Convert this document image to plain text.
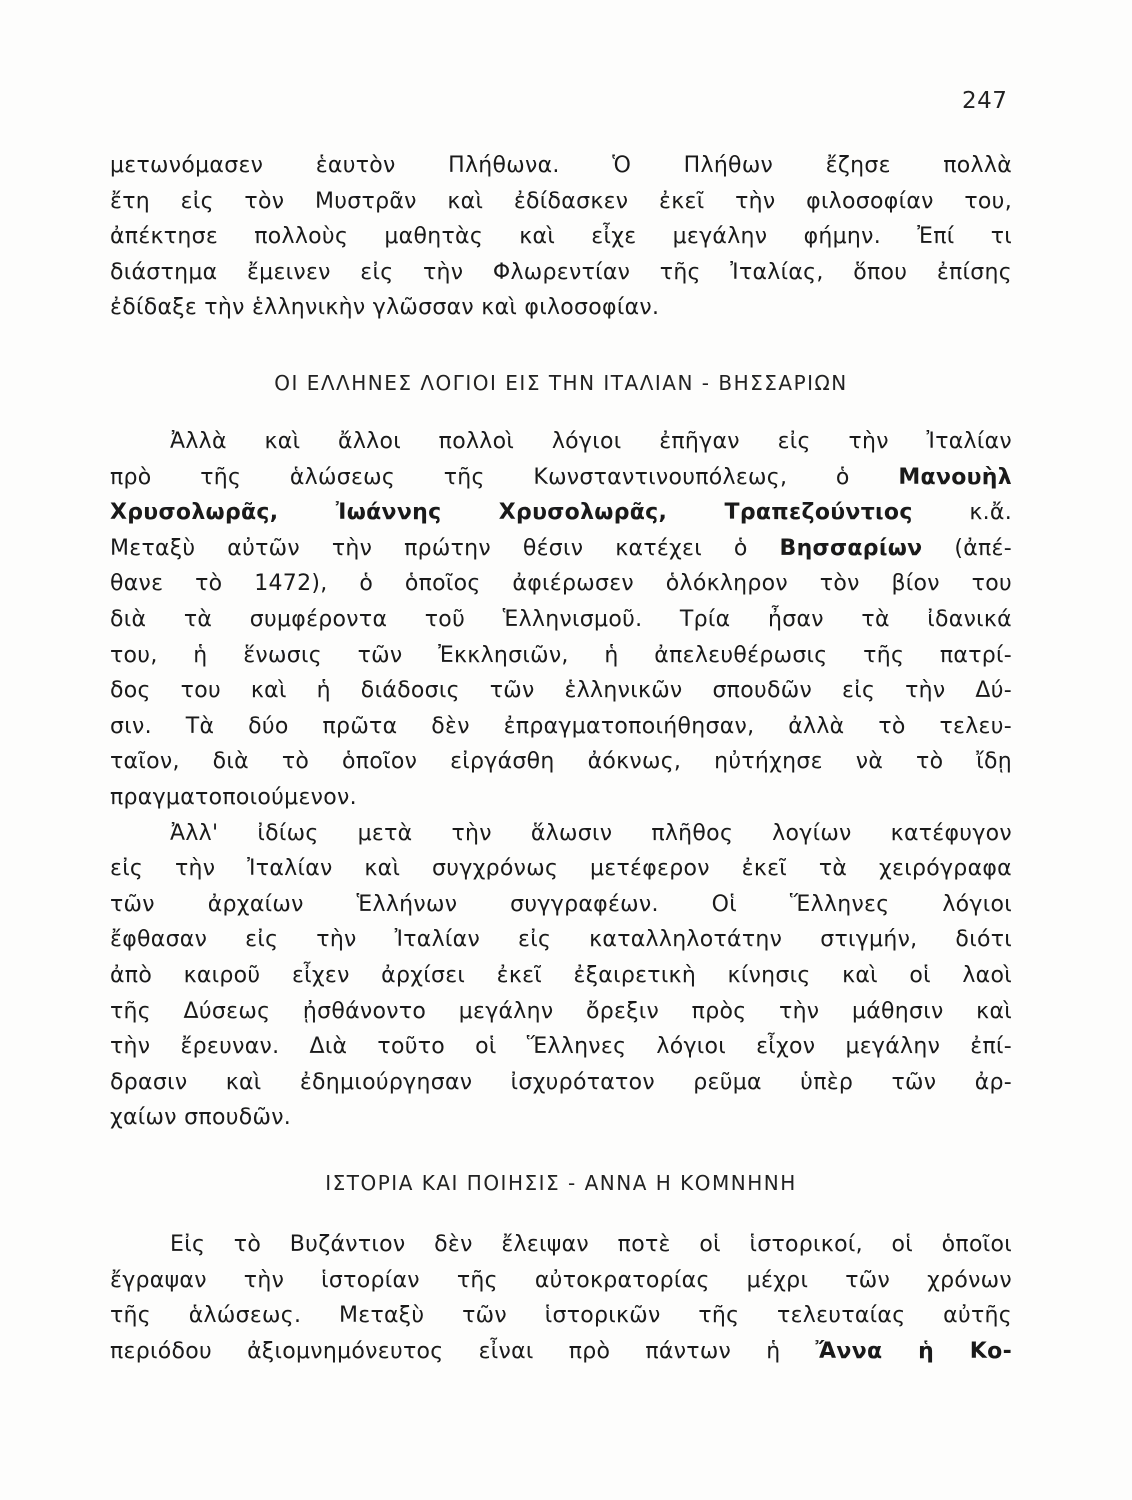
247
μετωνόμασεν ἑαυτὸν Πλήθωνα. Ὁ Πλήθων ἔζησε πολλὰ
ἔτη εἰς τὸν Μυστρᾶν καὶ ἐδίδασκεν ἐκεῖ τὴν φιλοσοφίαν του,
ἀπέκτησε πολλοὺς μαθητὰς καὶ εἶχε μεγάλην φήμην. Ἐπί τι
διάστημα ἔμεινεν εἰς τὴν Φλωρεντίαν τῆς Ἰταλίας, ὅπου ἐπίσης
ἐδίδαξε τὴν ἑλληνικὴν γλῶσσαν καὶ φιλοσοφίαν.
ΟΙ ΕΛΛΗΝΕΣ ΛΟΓΙΟΙ ΕΙΣ ΤΗΝ ΙΤΑΛΙΑΝ - ΒΗΣΣΑΡΙΩΝ
Ἀλλὰ καὶ ἄλλοι πολλοὶ λόγιοι ἐπῆγαν εἰς τὴν Ἰταλίαν
πρὸ τῆς ἁλώσεως τῆς Κωνσταντινουπόλεως, ὁ Μανουὴλ
Χρυσολωρᾶς, Ἰωάννης Χρυσολωρᾶς, Τραπεζούντιος	κ.ἄ.
Μεταξὺ αὐτῶν τὴν πρώτην θέσιν κατέχει ὁ Βησσαρίων (ἀπέ-
θανε τὸ 1472), ὁ ὁποῖος ἀφιέρωσεν ὁλόκληρον τὸν βίον του
διὰ τὰ συμφέροντα τοῦ Ἑλληνισμοῦ. Τρία ἦσαν τὰ ἰδανικά
του, ἡ ἕνωσις τῶν Ἐκκλησιῶν, ἡ ἀπελευθέρωσις τῆς πατρί-
δος του καὶ ἡ διάδοσις τῶν ἑλληνικῶν σπουδῶν εἰς τὴν Δύ-
σιν. Τὰ δύο πρῶτα δὲν ἐπραγματοποιήθησαν, ἀλλὰ τὸ τελευ-
ταῖον, διὰ τὸ ὁποῖον εἰργάσθη ἀόκνως, ηὐτήχησε νὰ τὸ ἴδῃ
πραγματοποιούμενον.
Ἀλλ' ἰδίως μετὰ τὴν ἅλωσιν πλῆθος λογίων κατέφυγον
εἰς τὴν Ἰταλίαν καὶ συγχρόνως μετέφερον ἐκεῖ τὰ χειρόγραφα
τῶν ἀρχαίων Ἑλλήνων συγγραφέων. Οἱ Ἕλληνες λόγιοι
ἔφθασαν εἰς τὴν Ἰταλίαν εἰς καταλληλοτάτην στιγμήν, διότι
ἀπὸ καιροῦ εἶχεν ἀρχίσει ἐκεῖ ἐξαιρετικὴ κίνησις καὶ οἱ λαοὶ
τῆς Δύσεως ᾐσθάνοντο μεγάλην ὄρεξιν πρὸς τὴν μάθησιν καὶ
τὴν ἔρευναν. Διὰ τοῦτο οἱ Ἕλληνες λόγιοι εἶχον μεγάλην ἐπί-
δρασιν καὶ ἐδημιούργησαν ἰσχυρότατον ρεῦμα ὑπὲρ τῶν ἀρ-
χαίων σπουδῶν.
ΙΣΤΟΡΙΑ ΚΑΙ ΠΟΙΗΣΙΣ - ΑΝΝΑ Η ΚΟΜΝΗΝΗ
Εἰς τὸ Βυζάντιον δὲν ἔλειψαν ποτὲ οἱ ἱστορικοί, οἱ ὁποῖοι
ἔγραψαν τὴν ἱστορίαν τῆς αὐτοκρατορίας μέχρι τῶν χρόνων
τῆς ἁλώσεως. Μεταξὺ τῶν ἱστορικῶν τῆς τελευταίας αὐτῆς
περιόδου ἀξιομνημόνευτος εἶναι πρὸ πάντων ἡ Ἄννα ἡ Κο-
